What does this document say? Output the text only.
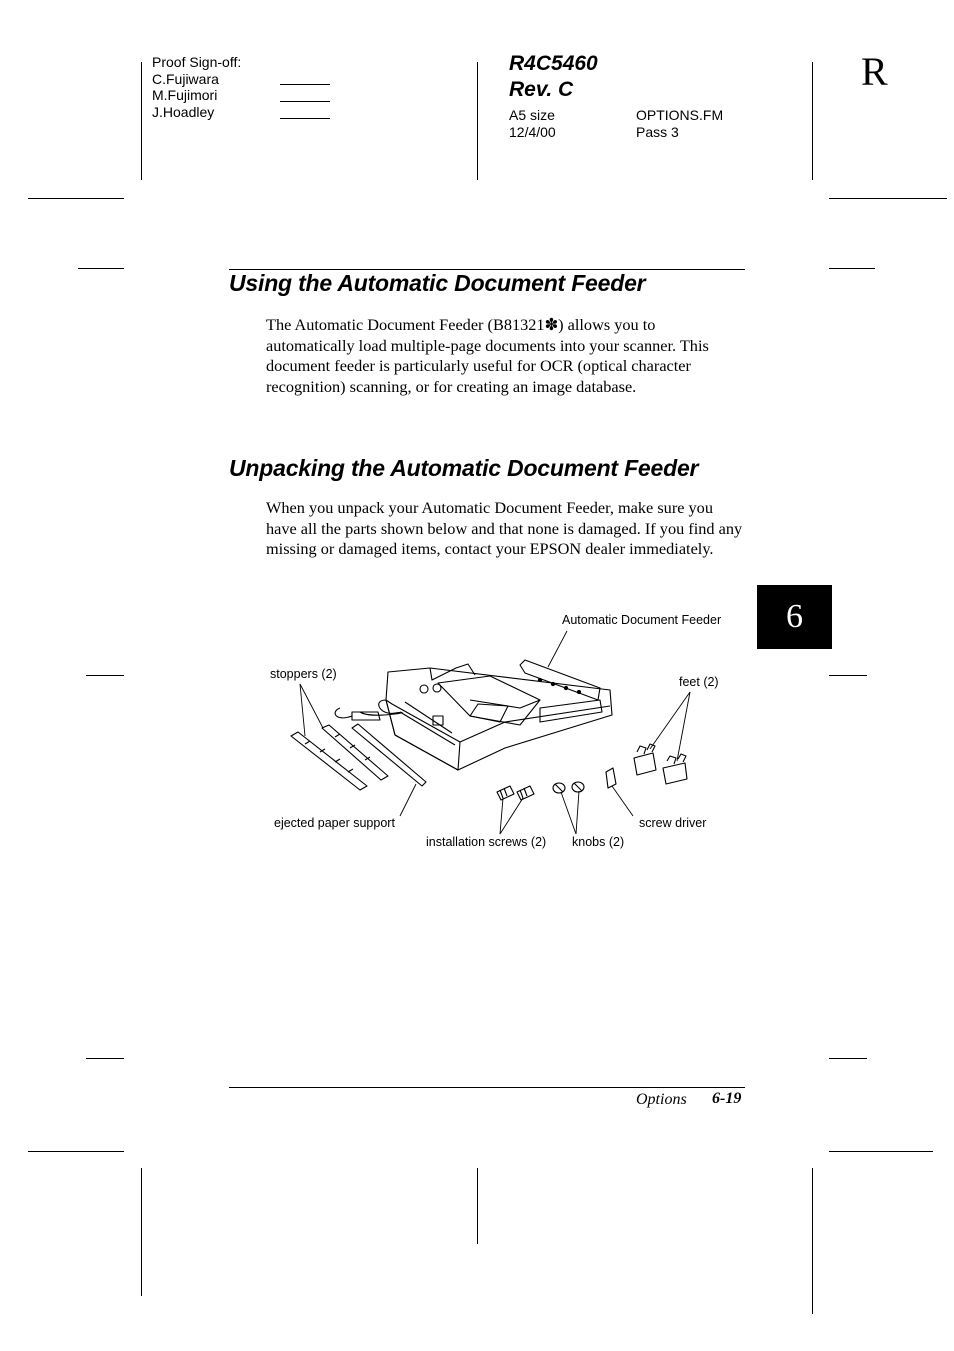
Proof Sign-off:
C.Fujiwara
M.Fujimori
J.Hoadley
R4C5460
Rev. C
A5 size
12/4/00
OPTIONS.FM
Pass 3
R
6
Using the Automatic Document Feeder
The Automatic Document Feeder (B81321✽) allows you to automatically load multiple-page documents into your scanner. This document feeder is particularly useful for OCR (optical character recognition) scanning, or for creating an image database.
Unpacking the Automatic Document Feeder
When you unpack your Automatic Document Feeder, make sure you have all the parts shown below and that none is damaged. If you find any missing or damaged items, contact your EPSON dealer immediately.
Automatic Document Feeder
stoppers (2)
feet (2)
ejected paper support	screw driver
installation screws (2) knobs (2)
Options 6-19
